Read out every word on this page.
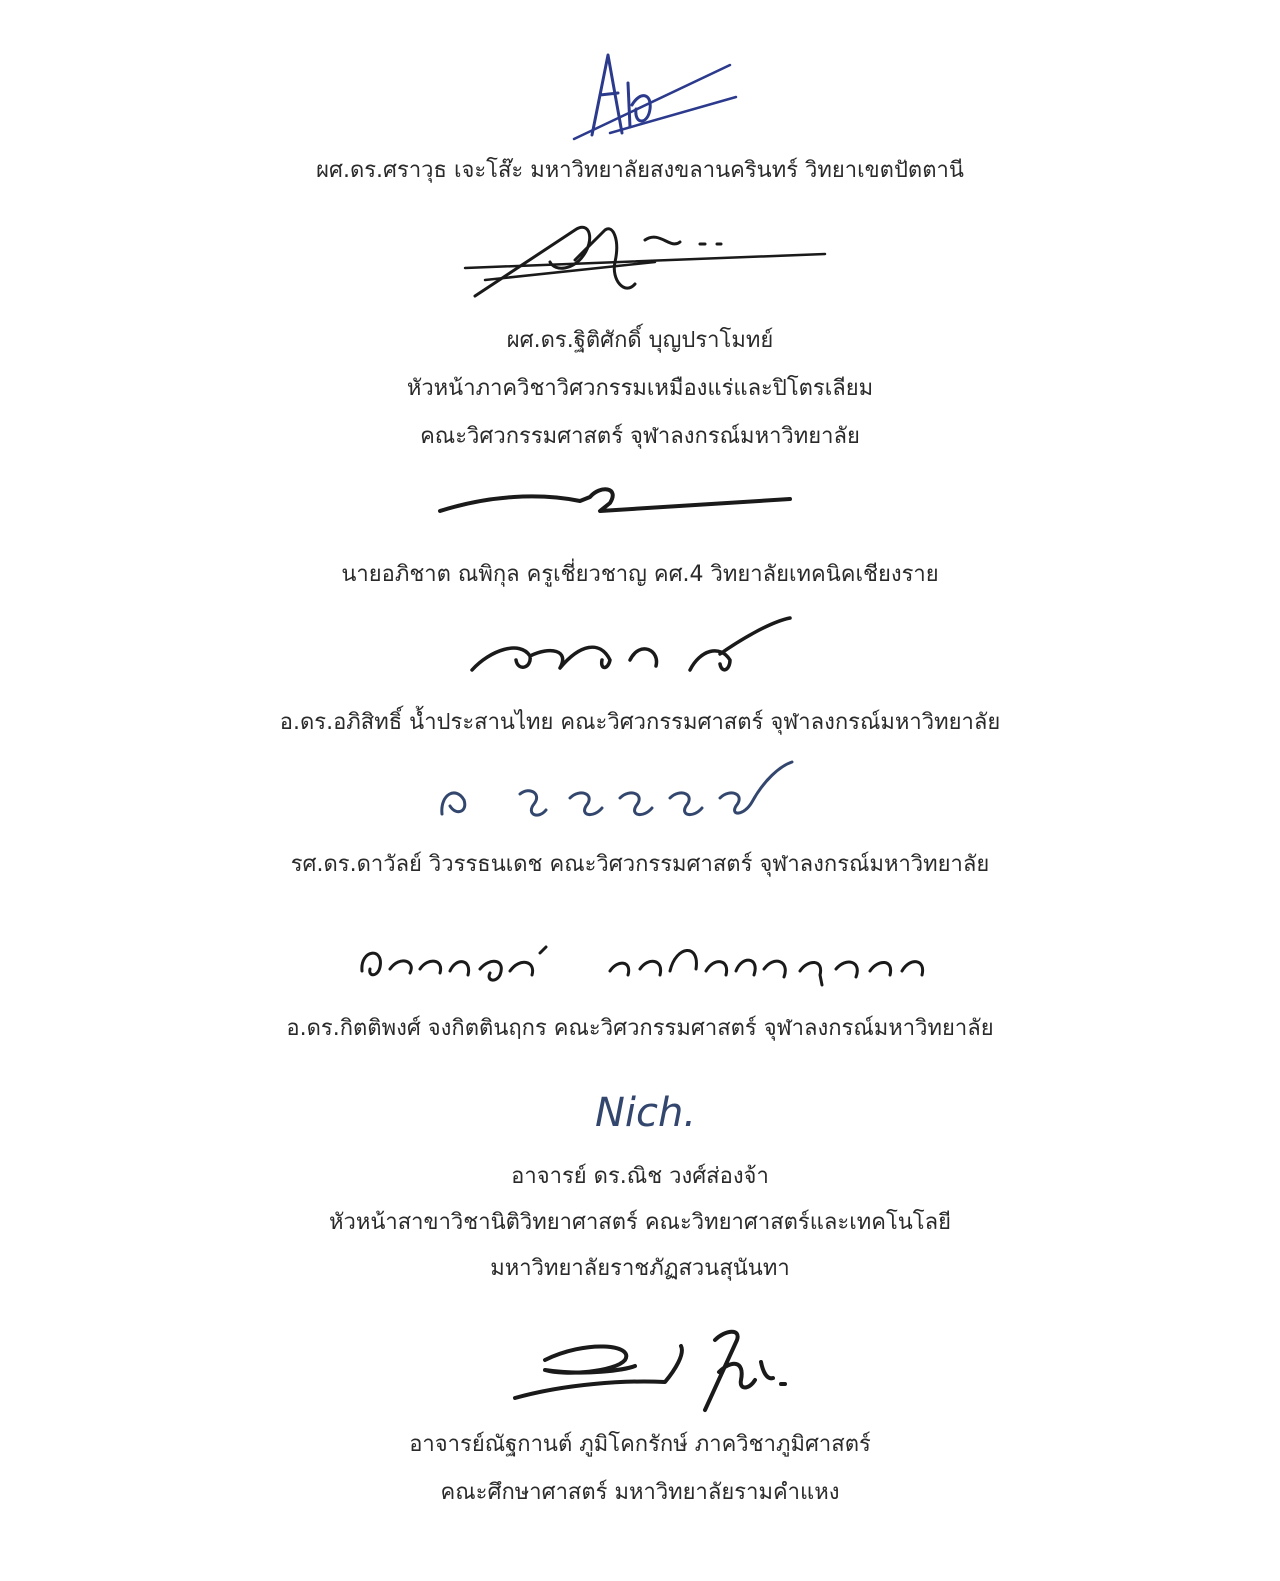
ผศ.ดร.ศราวุธ เจะโส๊ะ มหาวิทยาลัยสงขลานครินทร์ วิทยาเขตปัตตานี
ผศ.ดร.ฐิติศักดิ์ บุญปราโมทย์
หัวหน้าภาควิชาวิศวกรรมเหมืองแร่และปิโตรเลียม
คณะวิศวกรรมศาสตร์ จุฬาลงกรณ์มหาวิทยาลัย
นายอภิชาต ณพิกุล ครูเชี่ยวชาญ คศ.4 วิทยาลัยเทคนิคเชียงราย
อ.ดร.อภิสิทธิ์ น้ำประสานไทย คณะวิศวกรรมศาสตร์ จุฬาลงกรณ์มหาวิทยาลัย
รศ.ดร.ดาวัลย์ วิวรรธนเดช คณะวิศวกรรมศาสตร์ จุฬาลงกรณ์มหาวิทยาลัย
อ.ดร.กิตติพงศ์ จงกิตตินฤกร คณะวิศวกรรมศาสตร์ จุฬาลงกรณ์มหาวิทยาลัย
Nich.
อาจารย์ ดร.ณิช วงศ์ส่องจ้า
หัวหน้าสาขาวิชานิติวิทยาศาสตร์ คณะวิทยาศาสตร์และเทคโนโลยี
มหาวิทยาลัยราชภัฏสวนสุนันทา
อาจารย์ณัฐกานต์ ภูมิโคกรักษ์ ภาควิชาภูมิศาสตร์
คณะศึกษาศาสตร์ มหาวิทยาลัยรามคำแหง
